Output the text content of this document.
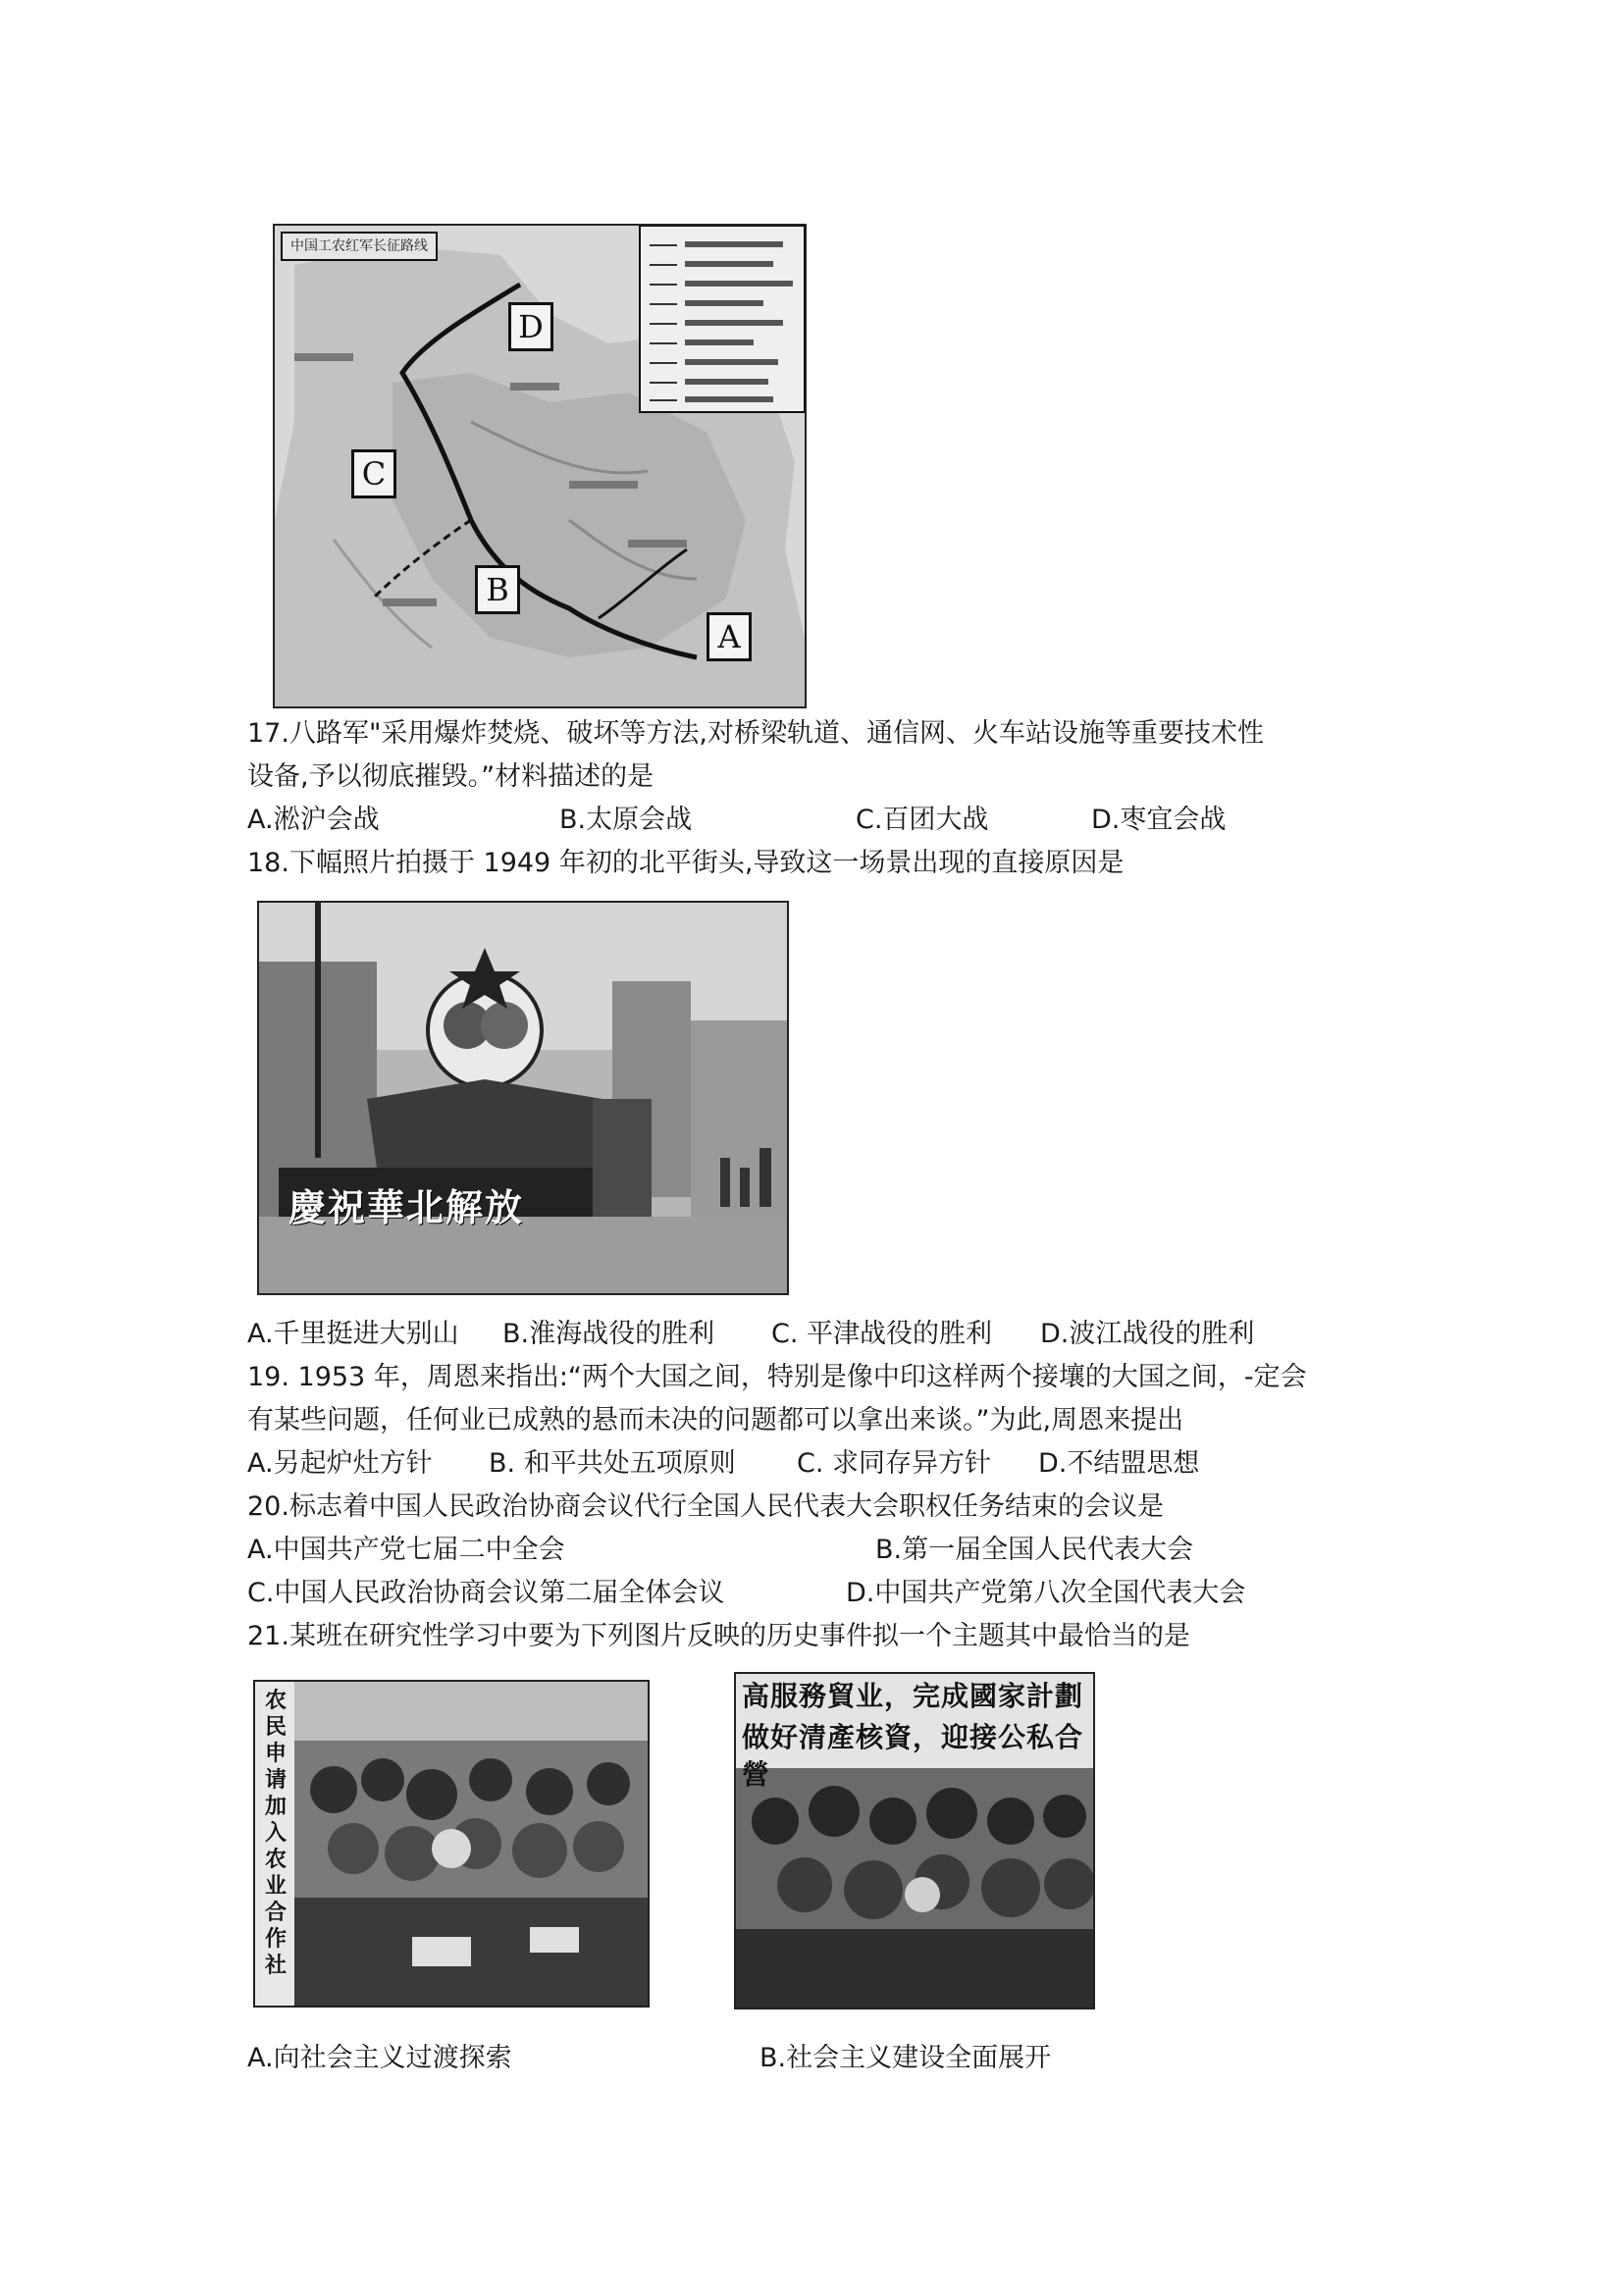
中国工农红军长征路线
D
C
B
A
17.八路军"采用爆炸焚烧、破坏等方法,对桥梁轨道、通信网、火车站设施等重要技术性
设备,予以彻底摧毁。”材料描述的是
A.淞沪会战	B.太原会战	C.百团大战	D.枣宜会战
18.下幅照片拍摄于 1949 年初的北平街头,导致这一场景出现的直接原因是
慶祝華北解放
A.千里挺进大别山 B.淮海战役的胜利 C. 平津战役的胜利 D.波江战役的胜利
19. 1953 年，周恩来指出:“两个大国之间，特别是像中印这样两个接壤的大国之间，-定会
有某些问题，任何业已成熟的悬而未决的问题都可以拿出来谈。”为此,周恩来提出
A.另起炉灶方针 B. 和平共处五项原则 C. 求同存异方针 D.不结盟思想
20.标志着中国人民政治协商会议代行全国人民代表大会职权任务结束的会议是
A.中国共产党七届二中全会	B.第一届全国人民代表大会
C.中国人民政治协商会议第二届全体会议	D.中国共产党第八次全国代表大会
21.某班在研究性学习中要为下列图片反映的历史事件拟一个主题其中最恰当的是
农民申请加入农业合作社
高服務貿业，完成國家計劃
做好清產核資，迎接公私合營
A.向社会主义过渡探索	B.社会主义建设全面展开
